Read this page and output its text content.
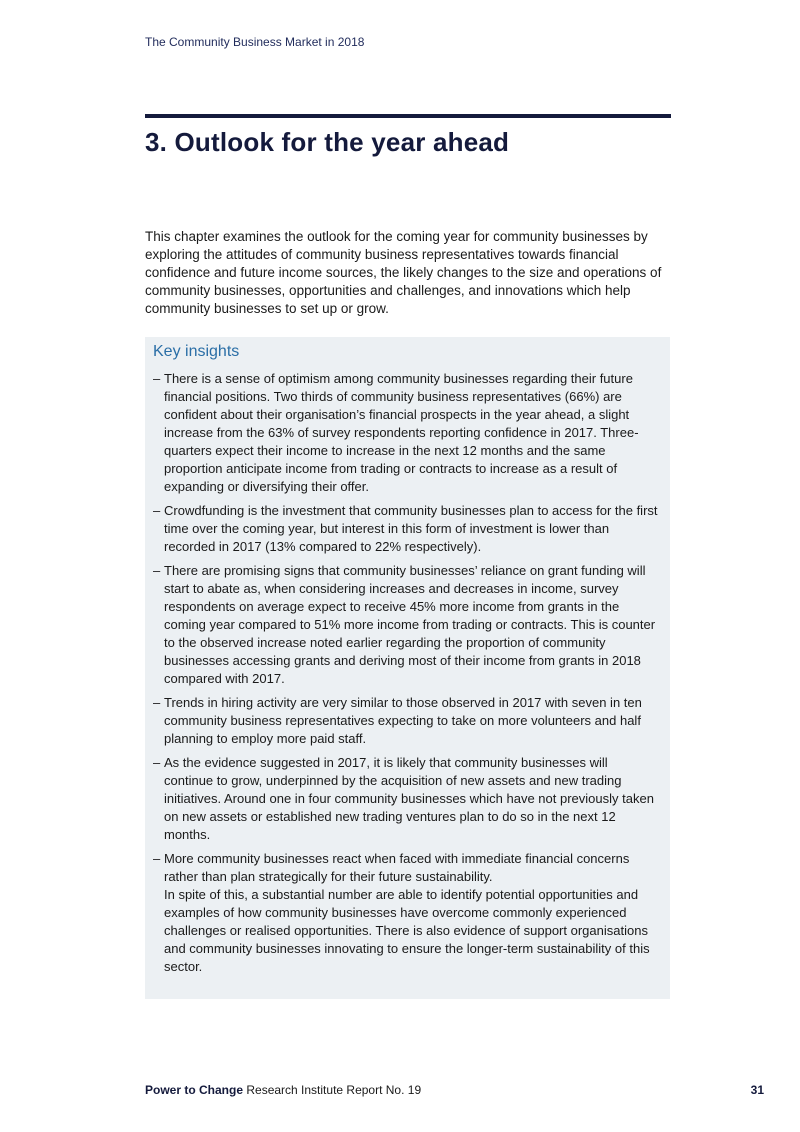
The Community Business Market in 2018
3. Outlook for the year ahead

This chapter examines the outlook for the coming year for community businesses by exploring the attitudes of community business representatives towards financial confidence and future income sources, the likely changes to the size and operations of community businesses, opportunities and challenges, and innovations which help community businesses to set up or grow.

Key insights
– There is a sense of optimism among community businesses regarding their future financial positions. Two thirds of community business representatives (66%) are confident about their organisation’s financial prospects in the year ahead, a slight increase from the 63% of survey respondents reporting confidence in 2017. Three-quarters expect their income to increase in the next 12 months and the same proportion anticipate income from trading or contracts to increase as a result of expanding or diversifying their offer.
– Crowdfunding is the investment that community businesses plan to access for the first time over the coming year, but interest in this form of investment is lower than recorded in 2017 (13% compared to 22% respectively).
– There are promising signs that community businesses’ reliance on grant funding will start to abate as, when considering increases and decreases in income, survey respondents on average expect to receive 45% more income from grants in the coming year compared to 51% more income from trading or contracts. This is counter to the observed increase noted earlier regarding the proportion of community businesses accessing grants and deriving most of their income from grants in 2018 compared with 2017.
– Trends in hiring activity are very similar to those observed in 2017 with seven in ten community business representatives expecting to take on more volunteers and half planning to employ more paid staff.
– As the evidence suggested in 2017, it is likely that community businesses will continue to grow, underpinned by the acquisition of new assets and new trading initiatives. Around one in four community businesses which have not previously taken on new assets or established new trading ventures plan to do so in the next 12 months.
– More community businesses react when faced with immediate financial concerns rather than plan strategically for their future sustainability.
In spite of this, a substantial number are able to identify potential opportunities and examples of how community businesses have overcome commonly experienced challenges or realised opportunities. There is also evidence of support organisations and community businesses innovating to ensure the longer-term sustainability of this sector.
Power to Change Research Institute Report No. 19	31
